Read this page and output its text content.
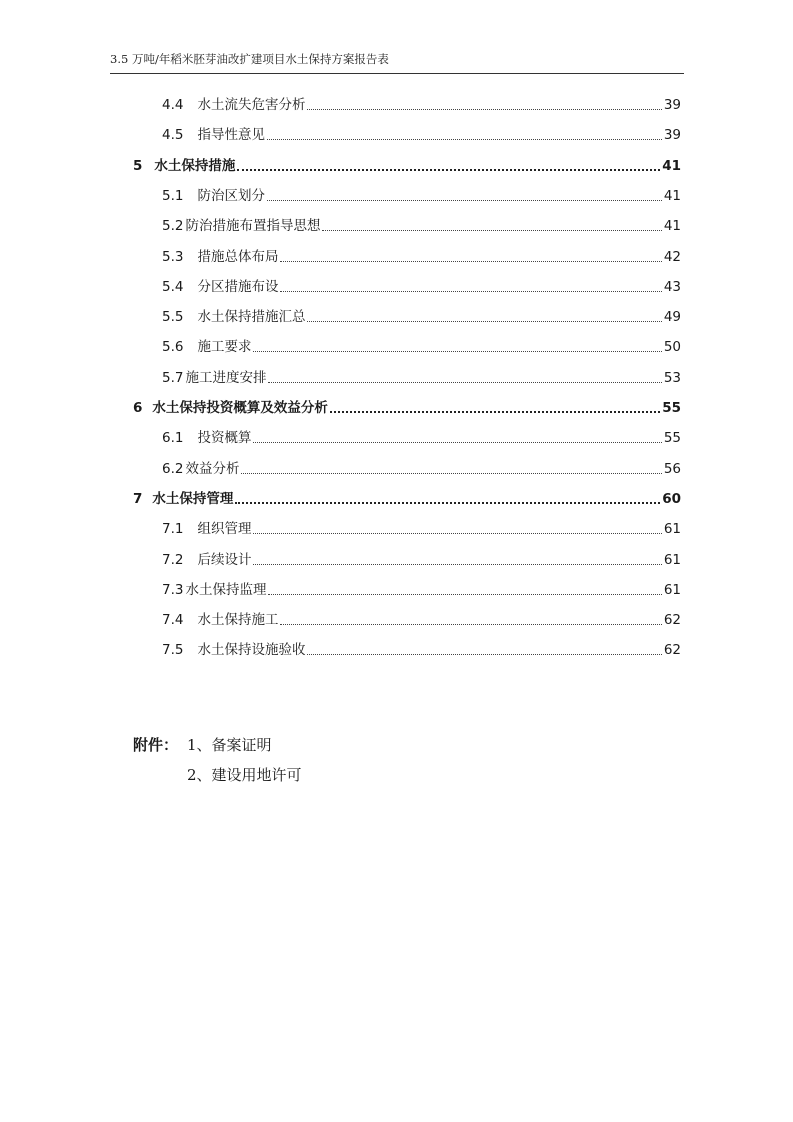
3.5 万吨/年稻米胚芽油改扩建项目水土保持方案报告表
4.4 水土流失危害分析	39
4.5 指导性意见	39
5 水土保持措施	41
5.1 防治区划分	41
5.2 防治措施布置指导思想	41
5.3 措施总体布局	42
5.4 分区措施布设	43
5.5 水土保持措施汇总	49
5.6 施工要求	50
5.7 施工进度安排	53
6 水土保持投资概算及效益分析	55
6.1 投资概算	55
6.2 效益分析	56
7 水土保持管理	60
7.1 组织管理	61
7.2 后续设计	61
7.3 水土保持监理	61
7.4 水土保持施工	62
7.5 水土保持设施验收	62
附件： 1、备案证明
2、建设用地许可
